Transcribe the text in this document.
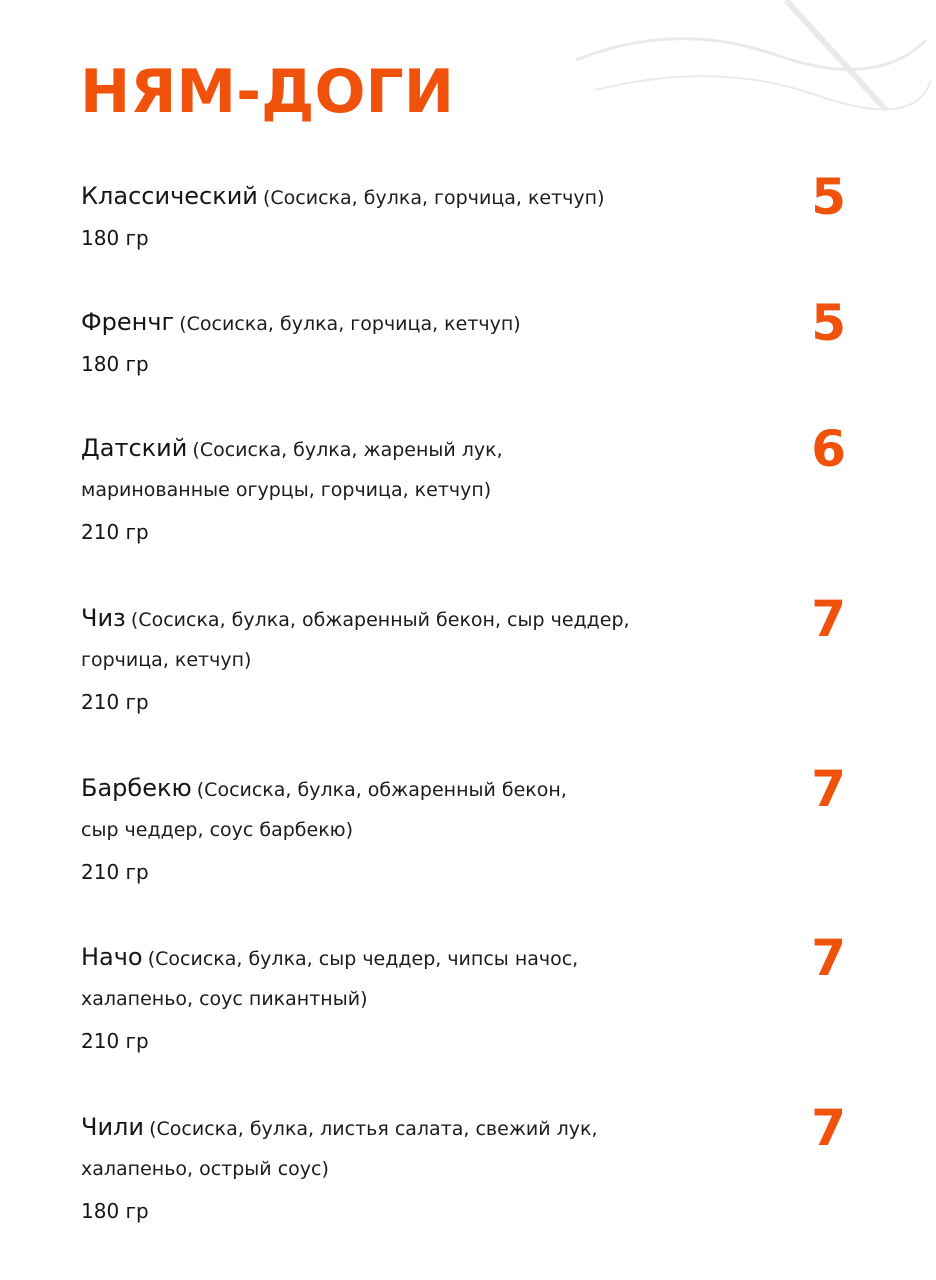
НЯМ-ДОГИ
Классический (Сосиска, булка, горчица, кетчуп)
180 гр
5
Френчг (Сосиска, булка, горчица, кетчуп)
180 гр
5
Датский (Сосиска, булка, жареный лук,
маринованные огурцы, горчица, кетчуп)
210 гр
6
Чиз (Сосиска, булка, обжаренный бекон, сыр чеддер,
горчица, кетчуп)
210 гр
7
Барбекю (Сосиска, булка, обжаренный бекон,
сыр чеддер, соус барбекю)
210 гр
7
Начо (Сосиска, булка, сыр чеддер, чипсы начос,
халапеньо, соус пикантный)
210 гр
7
Чили (Сосиска, булка, листья салата, свежий лук,
халапеньо, острый соус)
180 гр
7
